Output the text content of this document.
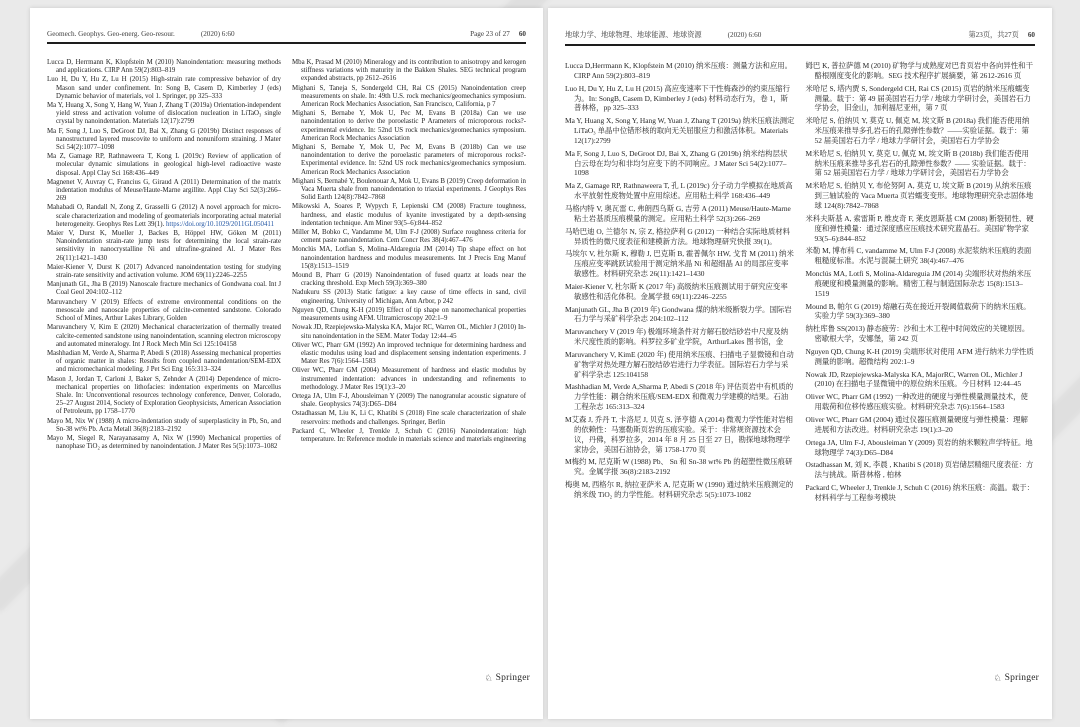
Geomech. Geophys. Geo-energ. Geo-resour.	(2020) 6:60	Page 23 of 27 60

Lucca D, Herrmann K, Klopfstein M (2010) Nanoindentation: measuring methods and applications. CIRP Ann 59(2):803–819

Luo H, Du Y, Hu Z, Lu H (2015) High-strain rate compressive behavior of dry Mason sand under confinement. In: Song B, Casem D, Kimberley J (eds) Dynamic behavior of materials, vol 1. Springer, pp 325–333

Ma Y, Huang X, Song Y, Hang W, Yuan J, Zhang T (2019a) Orientation-independent yield stress and activation volume of dislocation nucleation in LiTaO₃ single crystal by nanoindentation. Materials 12(17):2799

Ma F, Song J, Luo S, DeGroot DJ, Bai X, Zhang G (2019b) Distinct responses of nanostructured layered muscovite to uniform and nonuniform straining. J Mater Sci 54(2):1077–1098

Ma Z, Gamage RP, Rathnaweera T, Kong L (2019c) Review of application of molecular dynamic simulations in geological high-level radioactive waste disposal. Appl Clay Sci 168:436–449

Magnenet V, Auvray C, Francius G, Giraud A (2011) Determination of the matrix indentation modulus of Meuse/Haute-Marne argillite. Appl Clay Sci 52(3):266–269

Mahabadi O, Randall N, Zong Z, Grasselli G (2012) A novel approach for micro-scale characterization and modeling of geomaterials incorporating actual material heterogeneity. Geophys Res Lett 39(1). https://doi.org/10.1029/2011GL050411

Maier V, Durst K, Mueller J, Backes B, Höppel HW, Göken M (2011) Nanoindentation strain-rate jump tests for determining the local strain-rate sensitivity in nanocrystalline Ni and ultrafine-grained Al. J Mater Res 26(11):1421–1430

Maier-Kiener V, Durst K (2017) Advanced nanoindentation testing for studying strain-rate sensitivity and activation volume. JOM 69(11):2246–2255

Manjunath GL, Jha B (2019) Nanoscale fracture mechanics of Gondwana coal. Int J Coal Geol 204:102–112

Maruvanchery V (2019) Effects of extreme environmental conditions on the mesoscale and nanoscale properties of calcite-cemented sandstone. Colorado School of Mines, Arthur Lakes Library, Golden

Maruvanchery V, Kim E (2020) Mechanical characterization of thermally treated calcite-cemented sandstone using nanoindentation, scanning electron microscopy and automated mineralogy. Int J Rock Mech Min Sci 125:104158

Mashhadian M, Verde A, Sharma P, Abedi S (2018) Assessing mechanical properties of organic matter in shales: Results from coupled nanoindentation/SEM-EDX and micromechanical modeling. J Pet Sci Eng 165:313–324

Mason J, Jordan T, Carloni J, Baker S, Zehnder A (2014) Dependence of micro-mechanical properties on lithofacies: indentation experiments on Marcellus Shale. In: Unconventional resources technology conference, Denver, Colorado, 25–27 August 2014, Society of Exploration Geophysicists, American Association of Petroleum, pp 1758–1770

Mayo M, Nix W (1988) A micro-indentation study of superplasticity in Pb, Sn, and Sn-38 wt% Pb. Acta Metall 36(8):2183–2192

Mayo M, Siegel R, Narayanasamy A, Nix W (1990) Mechanical properties of nanophase TiO₂ as determined by nanoindentation. J Mater Res 5(5):1073–1082

Mba K, Prasad M (2010) Mineralogy and its contribution to anisotropy and kerogen stiffness variations with maturity in the Bakken Shales. SEG technical program expanded abstracts, pp 2612–2616

Mighani S, Taneja S, Sondergeld CH, Rai CS (2015) Nanoindentation creep measurements on shale. In: 49th U.S. rock mechanics/geomechanics symposium. American Rock Mechanics Association, San Francisco, California, p 7

Mighani S, Bernabe Y, Mok U, Pec M, Evans B (2018a) Can we use nanoindentation to derive the poroelastic P Arameters of microporous rocks?-experimental evidence. In: 52nd US rock mechanics/geomechanics symposium. American Rock Mechanics Association

Mighani S, Bernabe Y, Mok U, Pec M, Evans B (2018b) Can we use nanoindentation to derive the poroelastic parameters of microporous rocks?-Experimental evidence. In: 52nd US rock mechanics/geomechanics symposium. American Rock Mechanics Association

Mighani S, Bernabé Y, Boulenouar A, Mok U, Evans B (2019) Creep deformation in Vaca Muerta shale from nanoindentation to triaxial experiments. J Geophys Res Solid Earth 124(8):7842–7868

Mikowski A, Soares P, Wypych F, Lepienski CM (2008) Fracture toughness, hardness, and elastic modulus of kyanite investigated by a depth-sensing indentation technique. Am Miner 93(5–6):844–852

Miller M, Bobko C, Vandamme M, Ulm F-J (2008) Surface roughness criteria for cement paste nanoindentation. Cem Concr Res 38(4):467–476

Monclús MA, Lotfian S, Molina-Aldareguia JM (2014) Tip shape effect on hot nanoindentation hardness and modulus measurements. Int J Precis Eng Manuf 15(8):1513–1519

Mound B, Pharr G (2019) Nanoindentation of fused quartz at loads near the cracking threshold. Exp Mech 59(3):369–380

Nadukuru SS (2013) Static fatigue: a key cause of time effects in sand, civil engineering. University of Michigan, Ann Arbor, p 242

Nguyen QD, Chung K-H (2019) Effect of tip shape on nanomechanical properties measurements using AFM. Ultramicroscopy 202:1–9

Nowak JD, Rzepiejewska-Malyska KA, Major RC, Warren OL, Michler J (2010) In-situ nanoindentation in the SEM. Mater Today 12:44–45

Oliver WC, Pharr GM (1992) An improved technique for determining hardness and elastic modulus using load and displacement sensing indentation experiments. J Mater Res 7(6):1564–1583

Oliver WC, Pharr GM (2004) Measurement of hardness and elastic modulus by instrumented indentation: advances in understanding and refinements to methodology. J Mater Res 19(1):3–20

Ortega JA, Ulm F-J, Abousleiman Y (2009) The nanogranular acoustic signature of shale. Geophysics 74(3):D65–D84

Ostadhassan M, Liu K, Li C, Khatibi S (2018) Fine scale characterization of shale reservoirs: methods and challenges. Springer, Berlin

Packard C, Wheeler J, Trenkle J, Schuh C (2016) Nanoindentation: high temperature. In: Reference module in materials science and materials engineering

♘ Springer
地球力学、地球物理、地球能源、地球资源	(2020) 6:60	第23页，共27页 60

Lucca D,Herrmann K, Klopfstein M (2010) 纳米压痕：测量方法和应用。CIRP Ann 59(2):803–819

Luo H, Du Y, Hu Z, Lu H (2015) 高应变速率下干性梅森沙的约束压缩行为。In: SongB, Casem D, Kimberley J (eds) 材料动态行为，卷 1，斯普林格，pp 325–333

Ma Y, Huang X, Song Y, Hang W, Yuan J, Zhang T (2019a) 纳米压痕法测定 LiTaO₃ 单晶中位错形核的取向无关屈服应力和激活体积。Materials 12(17):2799

Ma F, Song J, Luo S, DeGroot DJ, Bai X, Zhang G (2019b) 纳米结构层状白云母在均匀和非均匀应变下的不同响应。J Mater Sci 54(2):1077–1098

Ma Z, Gamage RP, Rathnaweera T, 孔 L (2019c) 分子动力学模拟在地质高水平放射性废物处置中应用综述。应用粘土科学 168:436–449

马格内特 V, 奥瓦雷 C, 弗朗西乌斯 G, 吉劳 A (2011) Meuse/Haute-Marne 粘土岩基质压痕模量的测定。应用粘土科学 52(3):266–269

马哈巴迪 O, 兰德尔 N, 宗 Z, 格拉萨利 G (2012) 一种结合实际地质材料异质性的微尺度表征和建模新方法。地球物理研究快报 39(1)。

马埃尔 V, 杜尔斯 K, 穆勒 J, 巴克斯 B, 霍普佩尔 HW, 戈肯 M (2011) 纳米压痕应变率跳跃试验用于测定纳米晶 Ni 和超细晶 Al 的局部应变率敏感性。材料研究杂志 26(11):1421–1430

Maier-Kiener V, 杜尔斯 K (2017 年) 高级纳米压痕测试用于研究应变率敏感性和活化体积。金属学报 69(11):2246–2255

Manjunath GL, Jha B (2019 年) Gondwana 煤的纳米级断裂力学。国际岩石力学与采矿科学杂志 204:102–112

Maruvanchery V (2019 年) 极端环境条件对方解石胶结砂岩中尺度及纳米尺度性质的影响。科罗拉多矿业学院，ArthurLakes 图书馆，金

Maruvanchery V, KimE (2020 年) 使用纳米压痕、扫描电子显微镜和自动矿物学对热处理方解石胶结砂岩进行力学表征。国际岩石力学与采矿科学杂志 125:104158

Mashhadian M, Verde A,Sharma P, Abedi S (2018 年) 评估页岩中有机质的力学性能：耦合纳米压痕/SEM-EDX 和微观力学建模的结果。石油工程杂志 165:313–324

M艾森 J, 乔丹 T, 卡洛尼 J, 贝克 S, 泽亨德 A (2014) 微观力学性能对岩相的依赖性：马塞勒斯页岩的压痕实验。采于：非常规资源技术会议，丹佛，科罗拉多，2014 年 8 月 25 日至 27 日，勘探地球物理学家协会，美国石油协会，第 1758-1770 页

M梅约 M, 尼克斯 W (1988) Pb、 Sn 和 Sn-38 wt% Pb 的超塑性微压痕研究。金属学报 36(8):2183-2192

梅奥 M, 西格尔 R, 纳拉亚萨米 A, 尼克斯 W (1990) 通过纳米压痕测定的纳米级 TiO₂ 的力学性能。材料研究杂志 5(5):1073-1082

姆巴 K, 普拉萨德 M (2010) 矿物学与成熟度对巴肯页岩中各向异性和干酪根刚度变化的影响。SEG 技术程序扩展摘要，第 2612-2616 页

米哈尼 S, 塔内贾 S, Sondergeld CH, Rai CS (2015) 页岩的纳米压痕蠕变测量。载于：第 49 届美国岩石力学 / 地球力学研讨会，美国岩石力学协会，旧金山，加利福尼亚州，第 7 页

米哈尼 S, 伯纳贝 Y, 莫克 U, 佩克 M, 埃文斯 B (2018a) 我们能否使用纳米压痕来推导多孔岩石的孔隙弹性参数？——实验证据。载于：第 52 届美国岩石力学 / 地球力学研讨会，美国岩石力学协会

M米哈尼 S, 伯纳贝 Y, 莫克 U, 佩克 M, 埃文斯 B (2018b) 我们能否使用纳米压痕来推导多孔岩石的孔隙弹性参数？—— 实验证据。载于：第 52 届美国岩石力学 / 地球力学研讨会，美国岩石力学协会

M米哈尼 S, 伯纳贝 Y, 布伦努阿 A, 莫克 U, 埃文斯 B (2019) 从纳米压痕到三轴试验的 Vaca Muerta 页岩蠕变变形。地球物理研究杂志固体地球 124(8):7842–7868

米科夫斯基 A, 索雷斯 P, 维皮奇 F, 莱皮恩斯基 CM (2008) 断裂韧性、硬度和弹性模量：通过深度感应压痕技术研究蓝晶石。美国矿物学家 93(5–6):844–852

米勒 M, 博布科 C, vandamme M, Ulm F-J (2008) 水泥浆纳米压痕的表面粗糙度标准。水泥与混凝土研究 38(4):467–476

Monclús MA, Lotfi S, Molina-Aldareguia JM (2014) 尖端形状对热纳米压痕硬度和模量测量的影响。精密工程与制造国际杂志 15(8):1513–1519

Mound B, 帕尔 G (2019) 熔融石英在接近开裂阈值载荷下的纳米压痕。实验力学 59(3):369–380

纳杜库鲁 SS(2013) 静态疲劳：沙和土木工程中时间效应的关键原因。密歇根大学，安娜堡，第 242 页

Nguyen QD, Chung K-H (2019) 尖端形状对使用 AFM 进行纳米力学性质测量的影响。超微结构 202:1–9

Nowak JD, Rzepiejewska-Malyska KA, MajorRC, Warren OL, Michler J (2010) 在扫描电子显微镜中的原位纳米压痕。今日材料 12:44–45

Oliver WC, Pharr GM (1992) 一种改进的硬度与弹性模量测量技术，使用载荷和位移传感压痕实验。材料研究杂志 7(6):1564–1583

Oliver WC, Pharr GM (2004) 通过仪器压痕测量硬度与弹性模量：理解进展和方法改进。材料研究杂志 19(1):3–20

Ortega JA, Ulm F-J, Abousleiman Y (2009) 页岩的纳米颗粒声学特征。地球物理学 74(3):D65–D84

Ostadhassan M, 刘 K, 李晨 , Khatibi S (2018) 页岩储层精细尺度表征：方法与挑战。斯普林格 , 柏林

Packard C, Wheeler J, Trenkle J, Schuh C (2016) 纳米压痕：高温。载于：材料科学与工程参考模块

♘ Springer
